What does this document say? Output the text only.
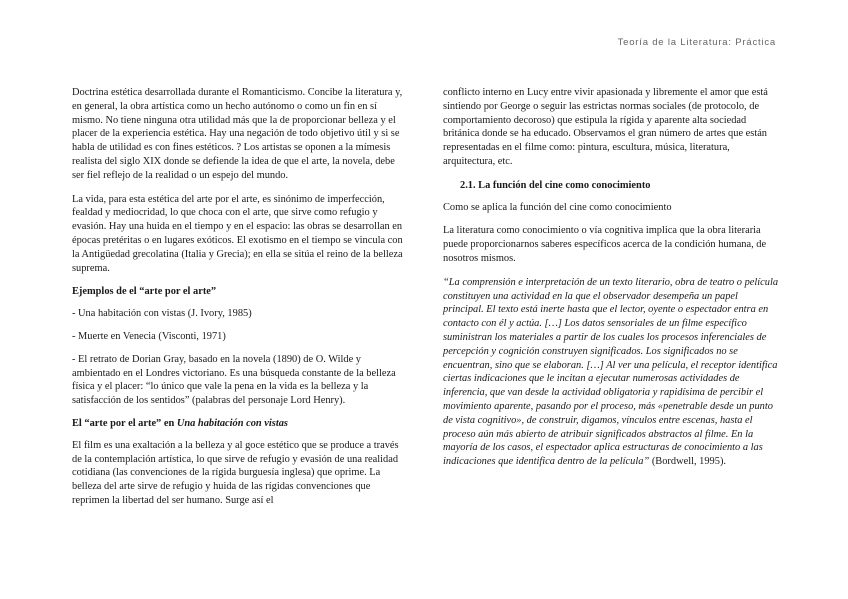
Teoría de la Literatura: Práctica

Doctrina estética desarrollada durante el Romanticismo. Concibe la literatura y, en general, la obra artística como un hecho autónomo o como un fin en sí mismo. No tiene ninguna otra utilidad más que la de proporcionar belleza y el placer de la experiencia estética. Hay una negación de todo objetivo útil y si se habla de utilidad es con fines estéticos. ? Los artistas se oponen a la mímesis realista del siglo XIX donde se defiende la idea de que el arte, la novela, debe ser fiel reflejo de la realidad o un espejo del mundo.

La vida, para esta estética del arte por el arte, es sinónimo de imperfección, fealdad y mediocridad, lo que choca con el arte, que sirve como refugio y evasión. Hay una huida en el tiempo y en el espacio: las obras se desarrollan en épocas pretéritas o en lugares exóticos. El exotismo en el tiempo se vincula con la Antigüedad grecolatina (Italia y Grecia); en ella se sitúa el reino de la belleza suprema.

Ejemplos de el “arte por el arte”

- Una habitación con vistas (J. Ivory, 1985)

- Muerte en Venecia (Visconti, 1971)

- El retrato de Dorian Gray, basado en la novela (1890) de O. Wilde y ambientado en el Londres victoriano. Es una búsqueda constante de la belleza física y el placer: “lo único que vale la pena en la vida es la belleza y la satisfacción de los sentidos” (palabras del personaje Lord Henry).

El “arte por el arte” en Una habitación con vistas

El film es una exaltación a la belleza y al goce estético que se produce a través de la contemplación artística, lo que sirve de refugio y evasión de una realidad cotidiana (las convenciones de la rígida burguesía inglesa) que oprime. La belleza del arte sirve de refugio y huida de las rígidas convenciones que reprimen la libertad del ser humano. Surge así el

conflicto interno en Lucy entre vivir apasionada y libremente el amor que está sintiendo por George o seguir las estrictas normas sociales (de protocolo, de comportamiento decoroso) que estipula la rígida y aparente alta sociedad británica donde se ha educado. Observamos el gran número de artes que están representadas en el filme como: pintura, escultura, música, literatura, arquitectura, etc.

2.1. La función del cine como conocimiento

Como se aplica la función del cine como conocimiento

La literatura como conocimiento o vía cognitiva implica que la obra literaria puede proporcionarnos saberes específicos acerca de la condición humana, de nosotros mismos.

“La comprensión e interpretación de un texto literario, obra de teatro o película constituyen una actividad en la que el observador desempeña un papel principal. El texto está inerte hasta que el lector, oyente o espectador entra en contacto con él y actúa. […] Los datos sensoriales de un filme específico suministran los materiales a partir de los cuales los procesos inferenciales de percepción y cognición construyen significados. Los significados no se encuentran, sino que se elaboran. […] Al ver una película, el receptor identifica ciertas indicaciones que le incitan a ejecutar numerosas actividades de inferencia, que van desde la actividad obligatoria y rapidísima de percibir el movimiento aparente, pasando por el proceso, más «penetrable desde un punto de vista cognitivo», de construir, digamos, vínculos entre escenas, hasta el proceso aún más abierto de atribuir significados abstractos al filme. En la mayoría de los casos, el espectador aplica estructuras de conocimiento a las indicaciones que identifica dentro de la película” (Bordwell, 1995).
